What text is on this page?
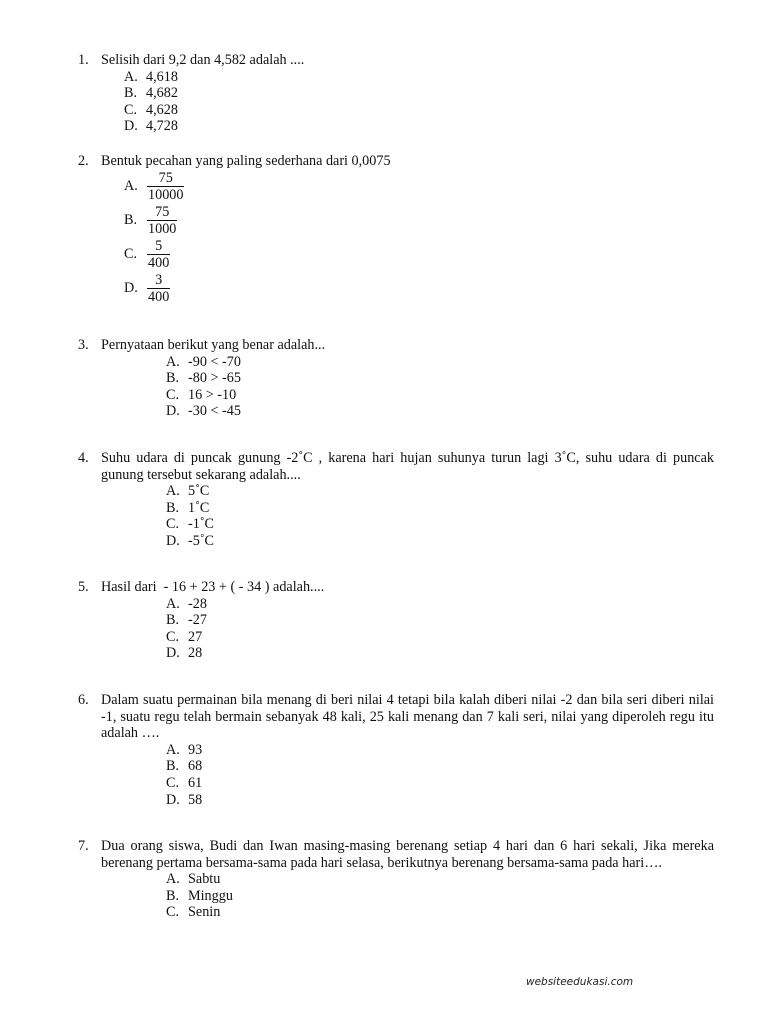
1. Selisih dari 9,2 dan 4,582 adalah ....
A. 4,618
B. 4,682
C. 4,628
D. 4,728
2. Bentuk pecahan yang paling sederhana dari 0,0075
A. $\frac{75}{10000}$
B. $\frac{75}{1000}$
C. $\frac{5}{400}$
D. $\frac{3}{400}$
3. Pernyataan berikut yang benar adalah...
A. -90 < -70
B. -80 > -65
C. 16 > -10
D. -30 < -45
4. Suhu udara di puncak gunung -2˚C , karena hari hujan suhunya turun lagi 3˚C, suhu udara di puncak gunung tersebut sekarang adalah....
A. 5˚C
B. 1˚C
C. -1˚C
D. -5˚C
5. Hasil dari  - 16 + 23 + ( - 34 ) adalah....
A. -28
B. -27
C. 27
D. 28
6. Dalam suatu permainan bila menang di beri nilai 4 tetapi bila kalah diberi nilai -2 dan bila seri diberi nilai -1, suatu regu telah bermain sebanyak 48 kali, 25 kali menang dan 7 kali seri, nilai yang diperoleh regu itu adalah ….
A. 93
B. 68
C. 61
D. 58
7. Dua orang siswa, Budi dan Iwan masing-masing berenang setiap 4 hari dan 6 hari sekali, Jika mereka berenang pertama bersama-sama pada hari selasa, berikutnya berenang bersama-sama pada hari….
A. Sabtu
B. Minggu
C. Senin
websiteedukasi.com
